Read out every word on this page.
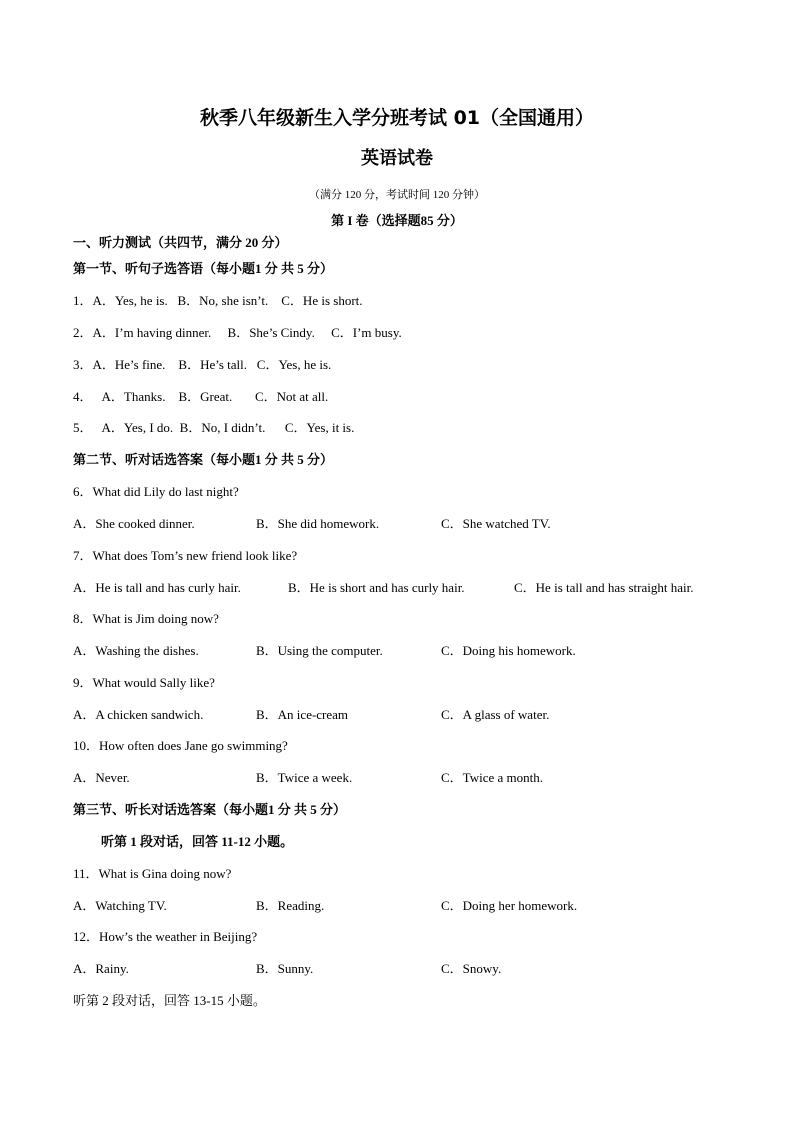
秋季八年级新生入学分班考试 01（全国通用）
英语试卷
（满分 120 分，考试时间 120 分钟）
第 I 卷（选择题85 分）
一、听力测试（共四节，满分 20 分）
第一节、听句子选答语（每小题1 分 共 5 分）
1．A．Yes, he is.   B．No, she isn’t.    C．He is short.
2．A．I’m having dinner.     B．She’s Cindy.     C．I’m busy.
3．A．He’s fine.    B．He’s tall.   C．Yes, he is.
4．   A．Thanks.    B．Great.       C．Not at all.
5．   A．Yes, I do.  B．No, I didn’t.      C．Yes, it is.
第二节、听对话选答案（每小题1 分 共 5 分）
6．What did Lily do last night?
A．She cooked dinner.	B．She did homework.	C．She watched TV.
7．What does Tom’s new friend look like?
A．He is tall and has curly hair.	B．He is short and has curly hair.	C．He is tall and has straight hair.
8．What is Jim doing now?
A．Washing the dishes.	B．Using the computer.	C．Doing his homework.
9．What would Sally like?
A．A chicken sandwich.	B．An ice-cream	C．A glass of water.
10．How often does Jane go swimming?
A．Never.	B．Twice a week.	C．Twice a month.
第三节、听长对话选答案（每小题1 分 共 5 分）
听第 1 段对话，回答 11-12 小题。
11．What is Gina doing now?
A．Watching TV.	B．Reading.	C．Doing her homework.
12．How’s the weather in Beijing?
A．Rainy.	B．Sunny.	C．Snowy.
听第 2 段对话，回答 13-15 小题。
